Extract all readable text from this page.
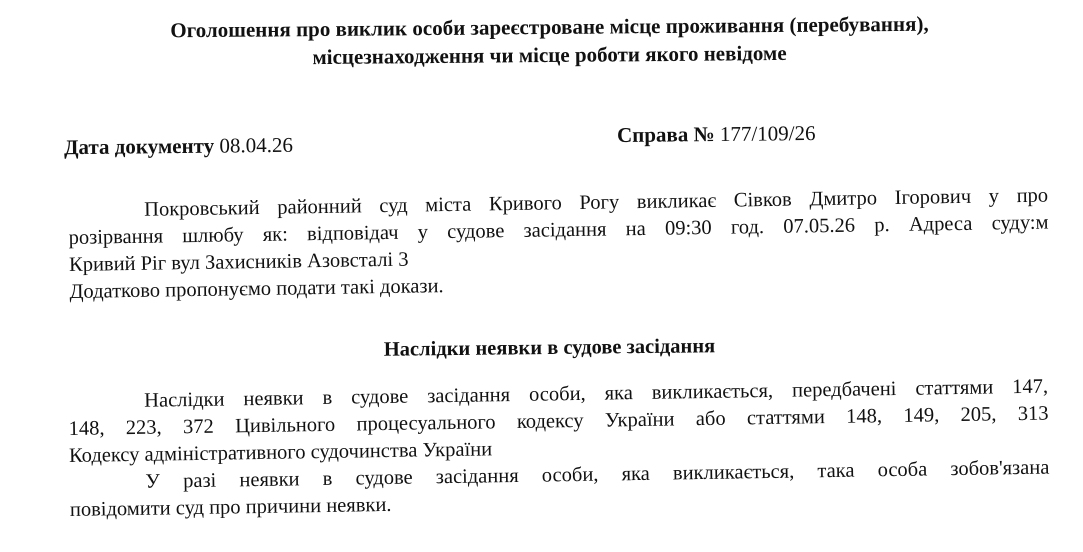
Оголошення про виклик особи зареєстроване місце проживання (перебування),
місцезнаходження чи місце роботи якого невідоме
Дата документу 08.04.26	Справа № 177/109/26
Покровський районний суд міста Кривого Рогу викликає Сівков Дмитро Ігорович у про
розірвання шлюбу як: відповідач у судове засідання на 09:30 год. 07.05.26 р. Адреса суду:м
Кривий Ріг вул Захисників Азовсталі 3
Додатково пропонуємо подати такі докази.
Наслідки неявки в судове засідання
Наслідки неявки в судове засідання особи, яка викликається, передбачені статтями 147,
148, 223, 372 Цивільного процесуального кодексу України або статтями 148, 149, 205, 313
Кодексу адміністративного судочинства України
У разі неявки в судове засідання особи, яка викликається, така особа зобов'язана
повідомити суд про причини неявки.
